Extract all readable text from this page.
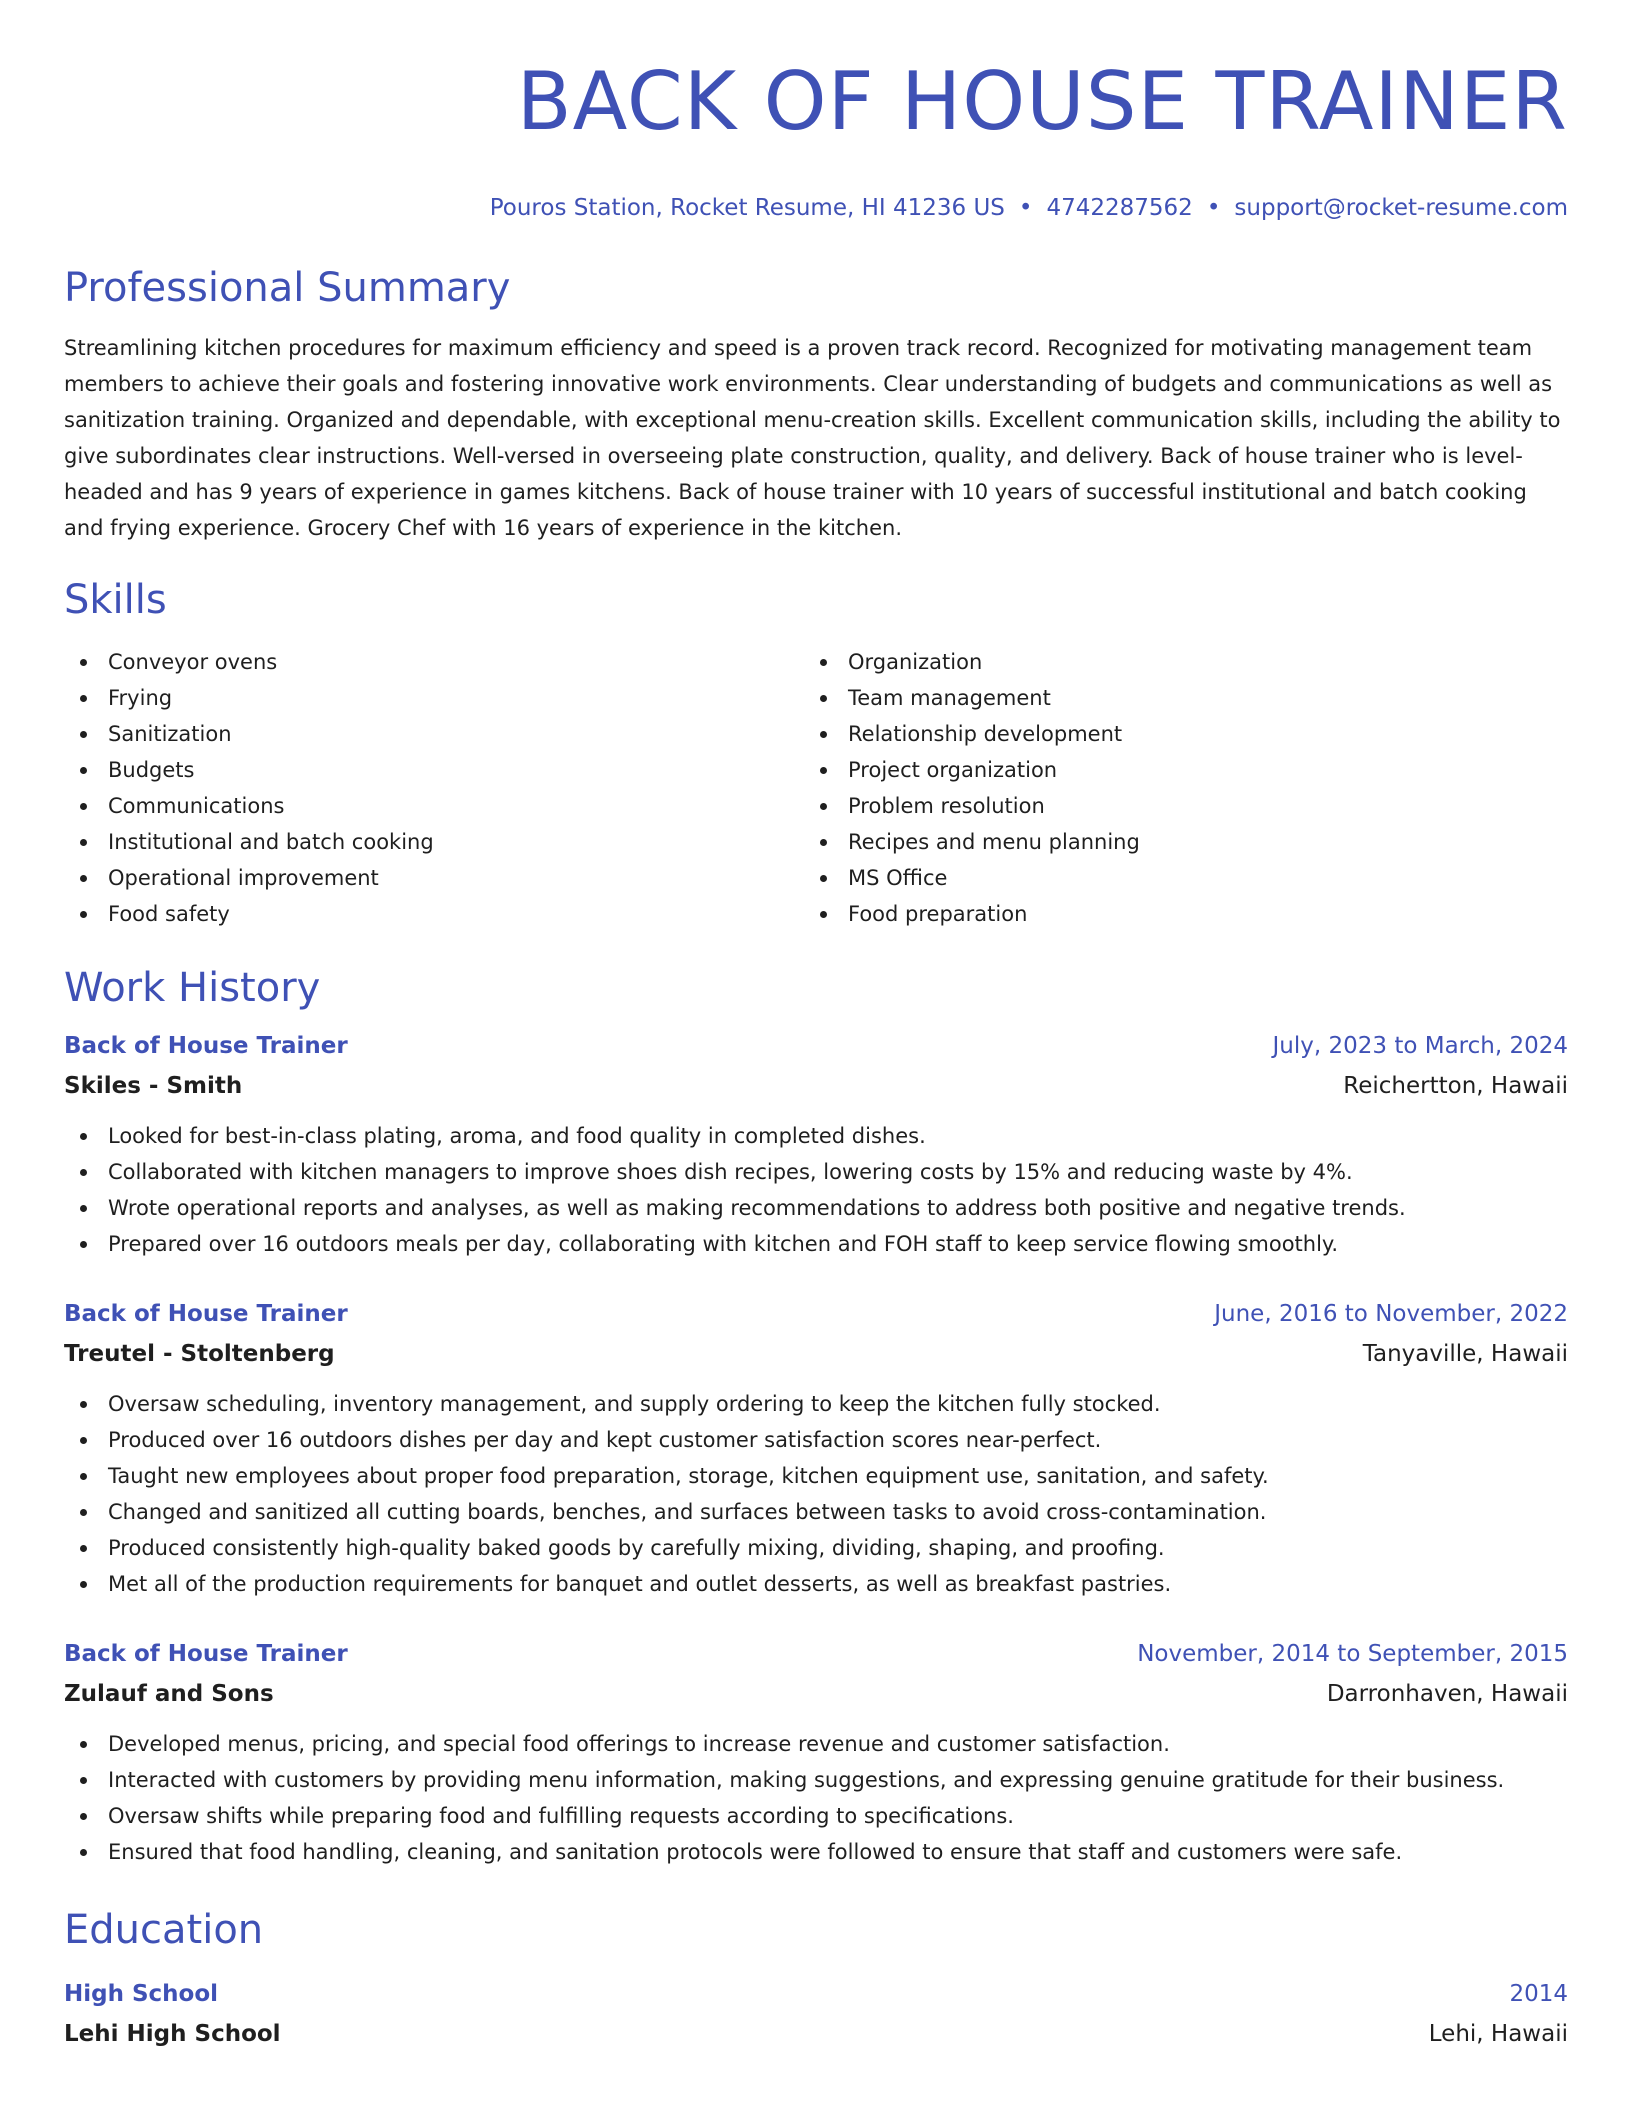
BACK OF HOUSE TRAINER
Pouros Station, Rocket Resume, HI 41236 US • 4742287562 • support@rocket-resume.com
Professional Summary
Streamlining kitchen procedures for maximum efficiency and speed is a proven track record. Recognized for motivating management team members to achieve their goals and fostering innovative work environments. Clear understanding of budgets and communications as well as sanitization training. Organized and dependable, with exceptional menu-creation skills. Excellent communication skills, including the ability to give subordinates clear instructions. Well-versed in overseeing plate construction, quality, and delivery. Back of house trainer who is level-headed and has 9 years of experience in games kitchens. Back of house trainer with 10 years of successful institutional and batch cooking and frying experience. Grocery Chef with 16 years of experience in the kitchen.
Skills
Conveyor ovens
Frying
Sanitization
Budgets
Communications
Institutional and batch cooking
Operational improvement
Food safety
Organization
Team management
Relationship development
Project organization
Problem resolution
Recipes and menu planning
MS Office
Food preparation
Work History
Back of House Trainer	July, 2023 to March, 2024
Skiles - Smith	Reichertton, Hawaii
Looked for best-in-class plating, aroma, and food quality in completed dishes.
Collaborated with kitchen managers to improve shoes dish recipes, lowering costs by 15% and reducing waste by 4%.
Wrote operational reports and analyses, as well as making recommendations to address both positive and negative trends.
Prepared over 16 outdoors meals per day, collaborating with kitchen and FOH staff to keep service flowing smoothly.
Back of House Trainer	June, 2016 to November, 2022
Treutel - Stoltenberg	Tanyaville, Hawaii
Oversaw scheduling, inventory management, and supply ordering to keep the kitchen fully stocked.
Produced over 16 outdoors dishes per day and kept customer satisfaction scores near-perfect.
Taught new employees about proper food preparation, storage, kitchen equipment use, sanitation, and safety.
Changed and sanitized all cutting boards, benches, and surfaces between tasks to avoid cross-contamination.
Produced consistently high-quality baked goods by carefully mixing, dividing, shaping, and proofing.
Met all of the production requirements for banquet and outlet desserts, as well as breakfast pastries.
Back of House Trainer	November, 2014 to September, 2015
Zulauf and Sons	Darronhaven, Hawaii
Developed menus, pricing, and special food offerings to increase revenue and customer satisfaction.
Interacted with customers by providing menu information, making suggestions, and expressing genuine gratitude for their business.
Oversaw shifts while preparing food and fulfilling requests according to specifications.
Ensured that food handling, cleaning, and sanitation protocols were followed to ensure that staff and customers were safe.
Education
High School	2014
Lehi High School	Lehi, Hawaii
